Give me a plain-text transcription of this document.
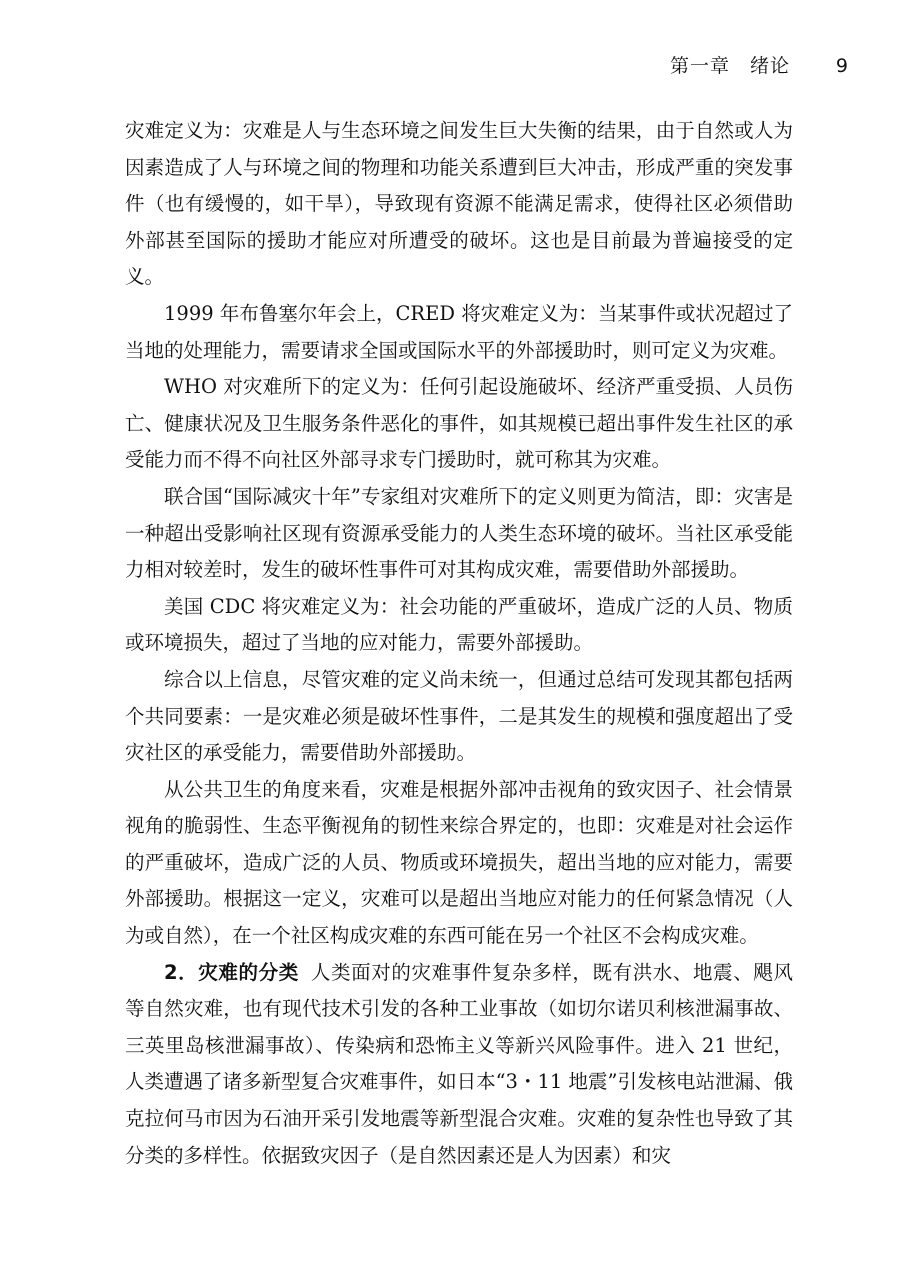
第一章　绪论 9

灾难定义为：灾难是人与生态环境之间发生巨大失衡的结果，由于自然或人为因素造成了人与环境之间的物理和功能关系遭到巨大冲击，形成严重的突发事件（也有缓慢的，如干旱），导致现有资源不能满足需求，使得社区必须借助外部甚至国际的援助才能应对所遭受的破坏。这也是目前最为普遍接受的定义。

1999 年布鲁塞尔年会上，CRED 将灾难定义为：当某事件或状况超过了当地的处理能力，需要请求全国或国际水平的外部援助时，则可定义为灾难。

WHO 对灾难所下的定义为：任何引起设施破坏、经济严重受损、人员伤亡、健康状况及卫生服务条件恶化的事件，如其规模已超出事件发生社区的承受能力而不得不向社区外部寻求专门援助时，就可称其为灾难。

联合国“国际减灾十年”专家组对灾难所下的定义则更为简洁，即：灾害是一种超出受影响社区现有资源承受能力的人类生态环境的破坏。当社区承受能力相对较差时，发生的破坏性事件可对其构成灾难，需要借助外部援助。

美国 CDC 将灾难定义为：社会功能的严重破坏，造成广泛的人员、物质或环境损失，超过了当地的应对能力，需要外部援助。

综合以上信息，尽管灾难的定义尚未统一，但通过总结可发现其都包括两个共同要素：一是灾难必须是破坏性事件，二是其发生的规模和强度超出了受灾社区的承受能力，需要借助外部援助。

从公共卫生的角度来看，灾难是根据外部冲击视角的致灾因子、社会情景视角的脆弱性、生态平衡视角的韧性来综合界定的，也即：灾难是对社会运作的严重破坏，造成广泛的人员、物质或环境损失，超出当地的应对能力，需要外部援助。根据这一定义，灾难可以是超出当地应对能力的任何紧急情况（人为或自然），在一个社区构成灾难的东西可能在另一个社区不会构成灾难。

2．灾难的分类 人类面对的灾难事件复杂多样，既有洪水、地震、飓风等自然灾难，也有现代技术引发的各种工业事故（如切尔诺贝利核泄漏事故、三英里岛核泄漏事故）、传染病和恐怖主义等新兴风险事件。进入 21 世纪，人类遭遇了诸多新型复合灾难事件，如日本“3・11 地震”引发核电站泄漏、俄克拉何马市因为石油开采引发地震等新型混合灾难。灾难的复杂性也导致了其分类的多样性。依据致灾因子（是自然因素还是人为因素）和灾
